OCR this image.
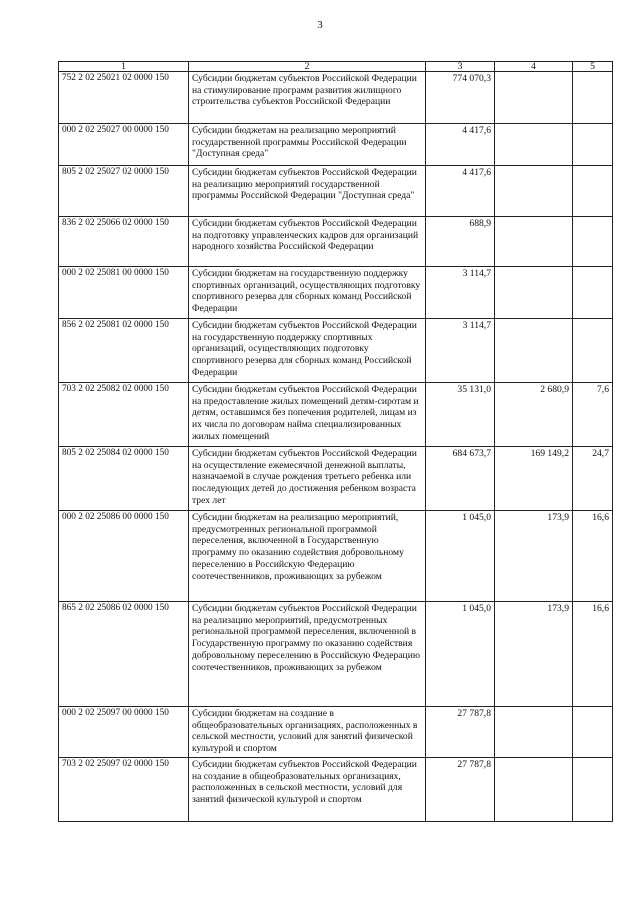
3
1	2	3	4	5
752 2 02 25021 02 0000 150	Субсидии бюджетам субъектов Российской Федерации на стимулирование программ развития жилищного строительства субъектов Российской Федерации	774 070,3		
000 2 02 25027 00 0000 150	Субсидии бюджетам на реализацию мероприятий государственной программы Российской Федерации "Доступная среда"	4 417,6		
805 2 02 25027 02 0000 150	Субсидии бюджетам субъектов Российской Федерации на реализацию мероприятий государственной программы Российской Федерации "Доступная среда"	4 417,6		
836 2 02 25066 02 0000 150	Субсидии бюджетам субъектов Российской Федерации на подготовку управленческих кадров для организаций народного хозяйства Российской Федерации	688,9		
000 2 02 25081 00 0000 150	Субсидии бюджетам на государственную поддержку спортивных организаций, осуществляющих подготовку спортивного резерва для сборных команд Российской Федерации	3 114,7		
856 2 02 25081 02 0000 150	Субсидии бюджетам субъектов Российской Федерации на государственную поддержку спортивных организаций, осуществляющих подготовку спортивного резерва для сборных команд Российской Федерации	3 114,7		
703 2 02 25082 02 0000 150	Субсидии бюджетам субъектов Российской Федерации на предоставление жилых помещений детям-сиротам и детям, оставшимся без попечения родителей, лицам из их числа по договорам найма специализированных жилых помещений	35 131,0	2 680,9	7,6
805 2 02 25084 02 0000 150	Субсидии бюджетам субъектов Российской Федерации на осуществление ежемесячной денежной выплаты, назначаемой в случае рождения третьего ребенка или последующих детей до достижения ребенком возраста трех лет	684 673,7	169 149,2	24,7
000 2 02 25086 00 0000 150	Субсидии бюджетам на реализацию мероприятий, предусмотренных региональной программой переселения, включенной в Государственную программу по оказанию содействия добровольному переселению в Российскую Федерацию соотечественников, проживающих за рубежом	1 045,0	173,9	16,6
865 2 02 25086 02 0000 150	Субсидии бюджетам субъектов Российской Федерации на реализацию мероприятий, предусмотренных региональной программой переселения, включенной в Государственную программу по оказанию содействия добровольному переселению в Российскую Федерацию соотечественников, проживающих за рубежом	1 045,0	173,9	16,6
000 2 02 25097 00 0000 150	Субсидии бюджетам на создание в общеобразовательных организациях, расположенных в сельской местности, условий для занятий физической культурой и спортом	27 787,8		
703 2 02 25097 02 0000 150	Субсидии бюджетам субъектов Российской Федерации на создание в общеобразовательных организациях, расположенных в сельской местности, условий для занятий физической культурой и спортом	27 787,8		
